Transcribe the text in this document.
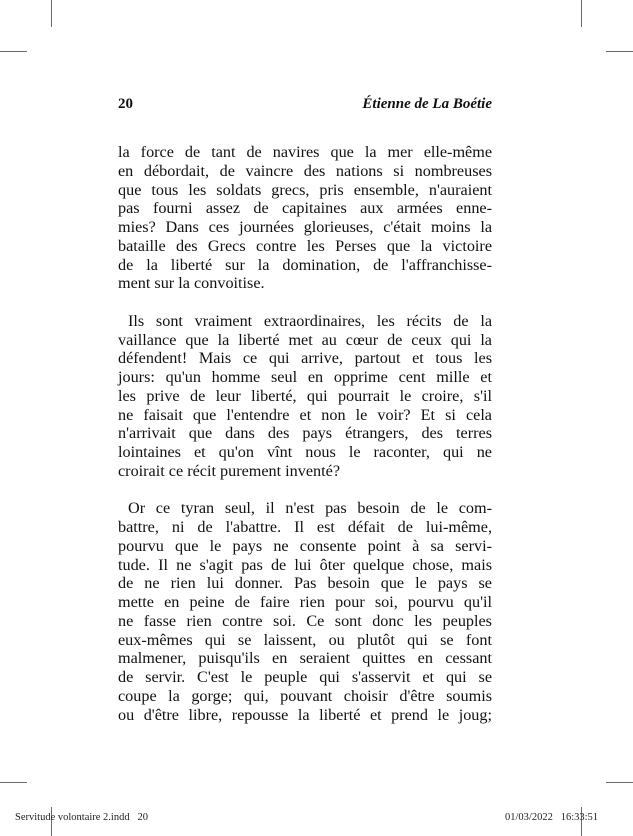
20	Étienne de La Boétie

la force de tant de navires que la mer elle-même
en débordait, de vaincre des nations si nombreuses
que tous les soldats grecs, pris ensemble, n'auraient
pas fourni assez de capitaines aux armées enne-
mies? Dans ces journées glorieuses, c'était moins la
bataille des Grecs contre les Perses que la victoire
de la liberté sur la domination, de l'affranchisse-
ment sur la convoitise.

Ils sont vraiment extraordinaires, les récits de la
vaillance que la liberté met au cœur de ceux qui la
défendent! Mais ce qui arrive, partout et tous les
jours: qu'un homme seul en opprime cent mille et
les prive de leur liberté, qui pourrait le croire, s'il
ne faisait que l'entendre et non le voir? Et si cela
n'arrivait que dans des pays étrangers, des terres
lointaines et qu'on vînt nous le raconter, qui ne
croirait ce récit purement inventé?

Or ce tyran seul, il n'est pas besoin de le com-
battre, ni de l'abattre. Il est défait de lui-même,
pourvu que le pays ne consente point à sa servi-
tude. Il ne s'agit pas de lui ôter quelque chose, mais
de ne rien lui donner. Pas besoin que le pays se
mette en peine de faire rien pour soi, pourvu qu'il
ne fasse rien contre soi. Ce sont donc les peuples
eux-mêmes qui se laissent, ou plutôt qui se font
malmener, puisqu'ils en seraient quittes en cessant
de servir. C'est le peuple qui s'asservit et qui se
coupe la gorge; qui, pouvant choisir d'être soumis
ou d'être libre, repousse la liberté et prend le joug;

Servitude volontaire 2.indd   20	01/03/2022   16:33:51
